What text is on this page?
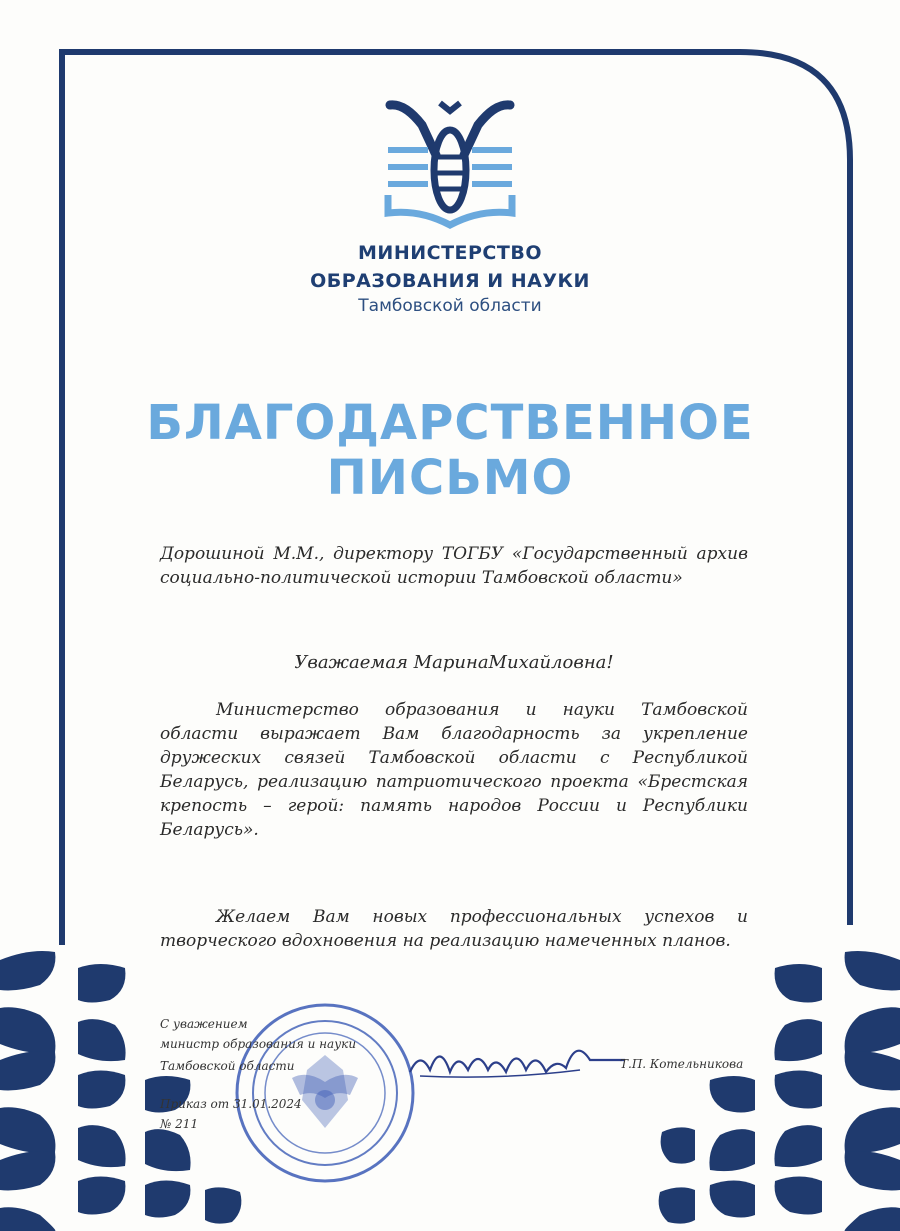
МИНИСТЕРСТВО
ОБРАЗОВАНИЯ И НАУКИ
Тамбовской области
БЛАГОДАРСТВЕННОЕ
ПИСЬМО
Дорошиной М.М., директору ТОГБУ «Государственный архив социально-политической истории Тамбовской области»
Уважаемая МаринаМихайловна!
Министерство образования и науки Тамбовской области выражает Вам благодарность за укрепление дружеских связей Тамбовской области с Республикой Беларусь, реализацию патриотического проекта «Брестская крепость – герой: память народов России и Республики Беларусь».
Желаем Вам новых профессиональных успехов и творческого вдохновения на реализацию намеченных планов.
С уважением
министр образования и науки
Тамбовской области	Т.П. Котельникова
Приказ от 31.01.2024
№ 211
